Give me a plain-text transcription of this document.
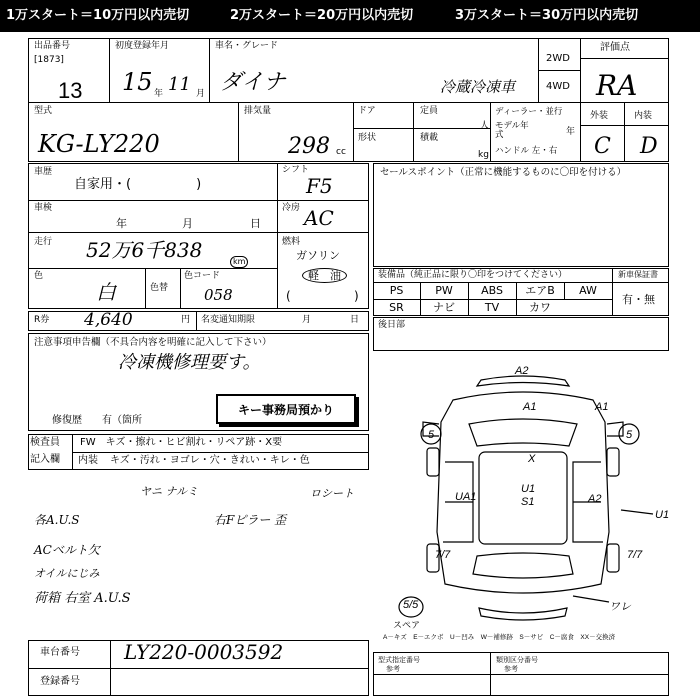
1万スタート＝10万円以内売切	2万スタート＝20万円以内売切	3万スタート＝30万円以内売切
出品番号
[1873]
13
初度登録年月
15 年 11 月
車名・グレード
ダイナ	冷蔵冷凍車
2WD
4WD
評価点
RA
外装	内装
C D
型式
KG-LY220
排気量
298 cc
ドア
形状
定員
人
積載
kg
ディーラー・並行
モデル年式	年
ハンドル 左・右
車歴
自家用・(　　　　　)
車検
年	月	日
走行 52万6千838	km
色
白	色替
色コード
058
シフト
F5
冷房 AC
燃料
ガソリン
軽　油
(	)
R券 4,640	円 名変通知期限	月	日
注意事項申告欄（不具合内容を明確に記入して下さい）
冷凍機修理要す。
修復歴　　有（箇所
キー事務局預かり
セールスポイント（正常に機能するものに〇印を付ける）
装備品（純正品に限り〇印をつけてください）	新車保証書
有・無
後日部
検査員
記入欄
FW　キズ・擦れ・ヒビ割れ・リペア跡・X要
内装 キズ・汚れ・ヨゴレ・穴・きれい・キレ・色
ヤニ ナルミ	ロシート
各A.U.S	右Fピラー 歪
ACベルト欠
オイルにじみ
荷箱 右室 A.U.S
A2
A1	A1
5	5
X
U1
S1
UA1	A2
U1
7/7	7/7
5/5	ワレ
スペア
A－キズ　E－エクボ　U－凹み　W－補修跡　S－サビ　C－腐食　XX－交換済
車台番号 LY220-0003592
登録番号
型式指定番号
参考
類別区分番号
参考
PS	PW	ABS	エアB	AW
SR	ナビ	TV	カワ
